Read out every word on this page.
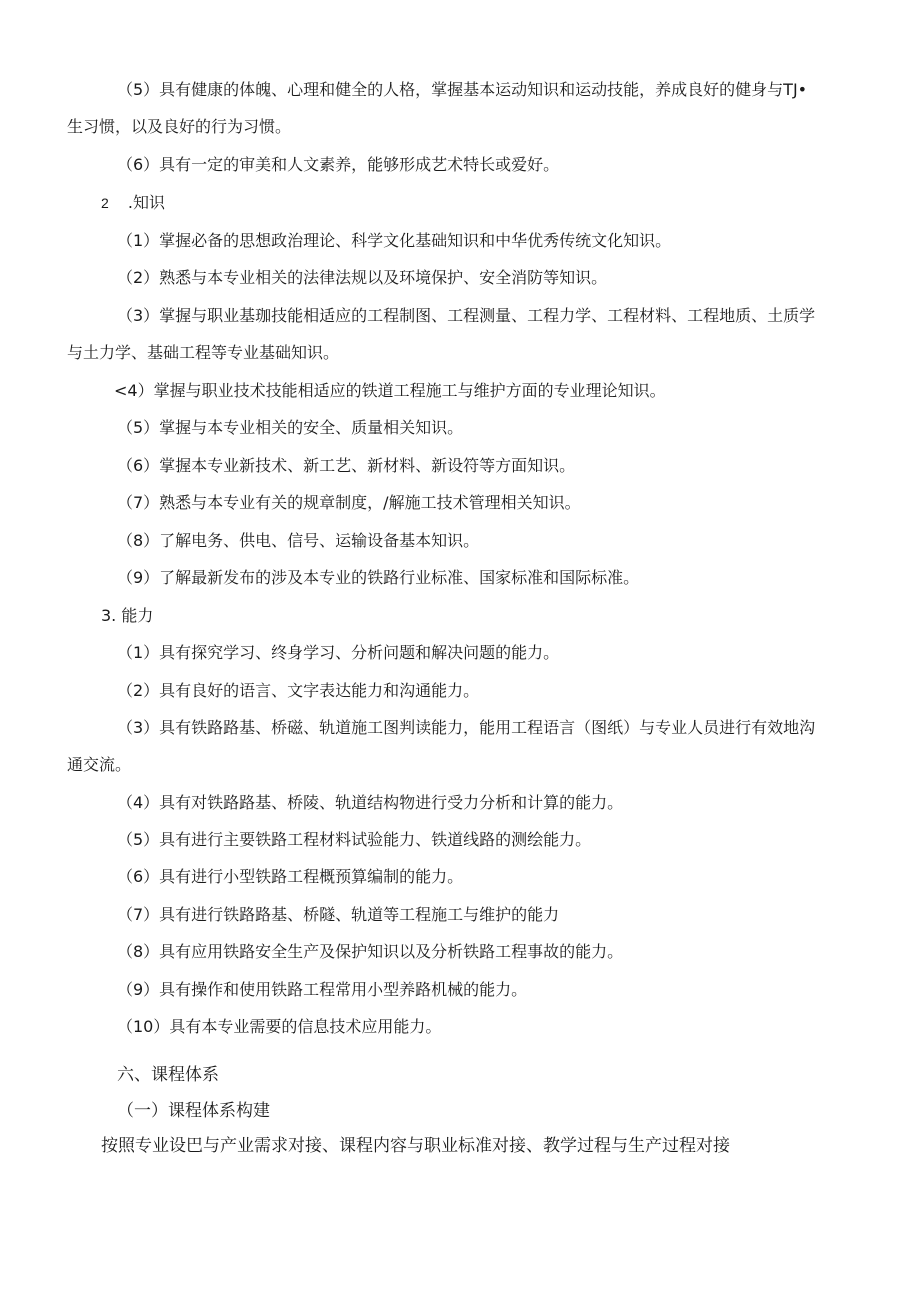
（5）具有健康的体魄、心理和健全的人格，掌握基本运动知识和运动技能，养成良好的健身与TJ•
生习惯，以及良好的行为习惯。
（6）具有一定的审美和人文素养，能够形成艺术特长或爱好。
2 .知识
（1）掌握必备的思想政治理论、科学文化基础知识和中华优秀传统文化知识。
（2）熟悉与本专业相关的法律法规以及环境保护、安全消防等知识。
（3）掌握与职业基珈技能相适应的工程制图、工程测量、工程力学、工程材料、工程地质、土质学
与土力学、基础工程等专业基础知识。
<4）掌握与职业技术技能相适应的铁道工程施工与维护方面的专业理论知识。
（5）掌握与本专业相关的安全、质量相关知识。
（6）掌握本专业新技术、新工艺、新材料、新设符等方面知识。
（7）熟悉与本专业有关的规章制度，/解施工技术管理相关知识。
（8）了解电务、供电、信号、运输设备基本知识。
（9）了解最新发布的涉及本专业的铁路行业标准、国家标准和国际标准。
3. 能力
（1）具有探究学习、终身学习、分析问题和解决问题的能力。
（2）具有良好的语言、文字表达能力和沟通能力。
（3）具有铁路路基、桥磁、轨道施工图判读能力，能用工程语言（图纸）与专业人员进行有效地沟
通交流。
（4）具有对铁路路基、桥陵、轨道结构物进行受力分析和计算的能力。
（5）具有进行主要铁路工程材料试验能力、铁道线路的测绘能力。
（6）具有进行小型铁路工程概预算编制的能力。
（7）具有进行铁路路基、桥隧、轨道等工程施工与维护的能力
（8）具有应用铁路安全生产及保护知识以及分析铁路工程事故的能力。
（9）具有操作和使用铁路工程常用小型养路机械的能力。
（10）具有本专业需要的信息技术应用能力。
六、课程体系
（一）课程体系构建
按照专业设巴与产业需求对接、课程内容与职业标准对接、教学过程与生产过程对接
